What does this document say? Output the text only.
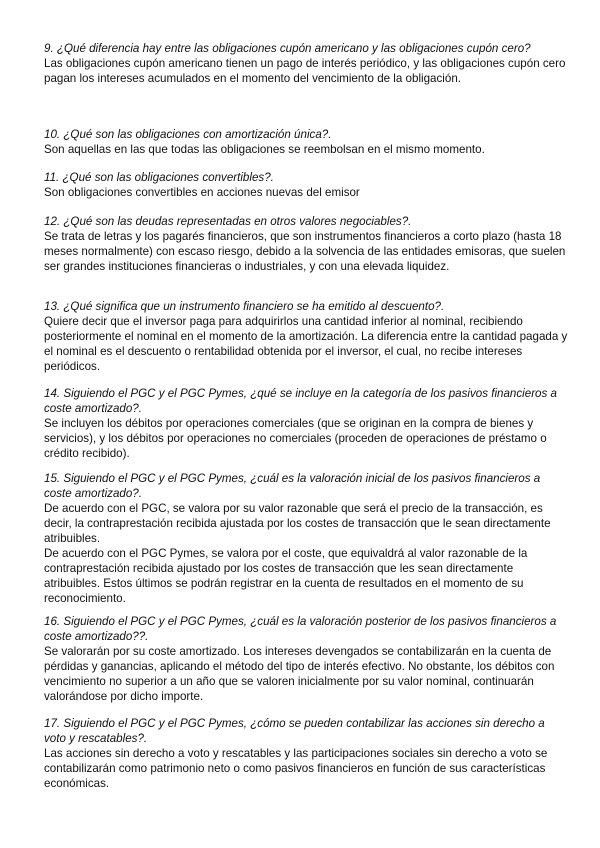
9. ¿Qué diferencia hay entre las obligaciones cupón americano y las obligaciones cupón cero?

Las obligaciones cupón americano tienen un pago de interés periódico, y las obligaciones cupón cero pagan los intereses acumulados en el momento del vencimiento de la obligación.

10. ¿Qué son las obligaciones con amortización única?.

Son aquellas en las que todas las obligaciones se reembolsan en el mismo momento.

11. ¿Qué son las obligaciones convertibles?.

Son obligaciones convertibles en acciones nuevas del emisor

12. ¿Qué son las deudas representadas en otros valores negociables?.

Se trata de letras y los pagarés financieros, que son instrumentos financieros a corto plazo (hasta 18 meses normalmente) con escaso riesgo, debido a la solvencia de las entidades emisoras, que suelen ser grandes instituciones financieras o industriales, y con una elevada liquidez.

13. ¿Qué significa que un instrumento financiero se ha emitido al descuento?.

Quiere decir que el inversor paga para adquirirlos una cantidad inferior al nominal, recibiendo posteriormente el nominal en el momento de la amortización. La diferencia entre la cantidad pagada y el nominal es el descuento o rentabilidad obtenida por el inversor, el cual, no recibe intereses periódicos.

14. Siguiendo el PGC y el PGC Pymes, ¿qué se incluye en la categoría de los pasivos financieros a coste amortizado?.

Se incluyen los débitos por operaciones comerciales (que se originan en la compra de bienes y servicios), y los débitos por operaciones no comerciales (proceden de operaciones de préstamo o crédito recibido).

15. Siguiendo el PGC y el PGC Pymes, ¿cuál es la valoración inicial de los pasivos financieros a coste amortizado?.

De acuerdo con el PGC, se valora por su valor razonable que será el precio de la transacción, es decir, la contraprestación recibida ajustada por los costes de transacción que le sean directamente atribuibles.

De acuerdo con el PGC Pymes, se valora por el coste, que equivaldrá al valor razonable de la contraprestación recibida ajustado por los costes de transacción que les sean directamente atribuibles. Estos últimos se podrán registrar en la cuenta de resultados en el momento de su reconocimiento.

16. Siguiendo el PGC y el PGC Pymes, ¿cuál es la valoración posterior de los pasivos financieros a coste amortizado??.

Se valorarán por su coste amortizado. Los intereses devengados se contabilizarán en la cuenta de pérdidas y ganancias, aplicando el método del tipo de interés efectivo. No obstante, los débitos con vencimiento no superior a un año que se valoren inicialmente por su valor nominal, continuarán valorándose por dicho importe.

17. Siguiendo el PGC y el PGC Pymes, ¿cómo se pueden contabilizar las acciones sin derecho a voto y rescatables?.

Las acciones sin derecho a voto y rescatables y las participaciones sociales sin derecho a voto se contabilizarán como patrimonio neto o como pasivos financieros en función de sus características económicas.
